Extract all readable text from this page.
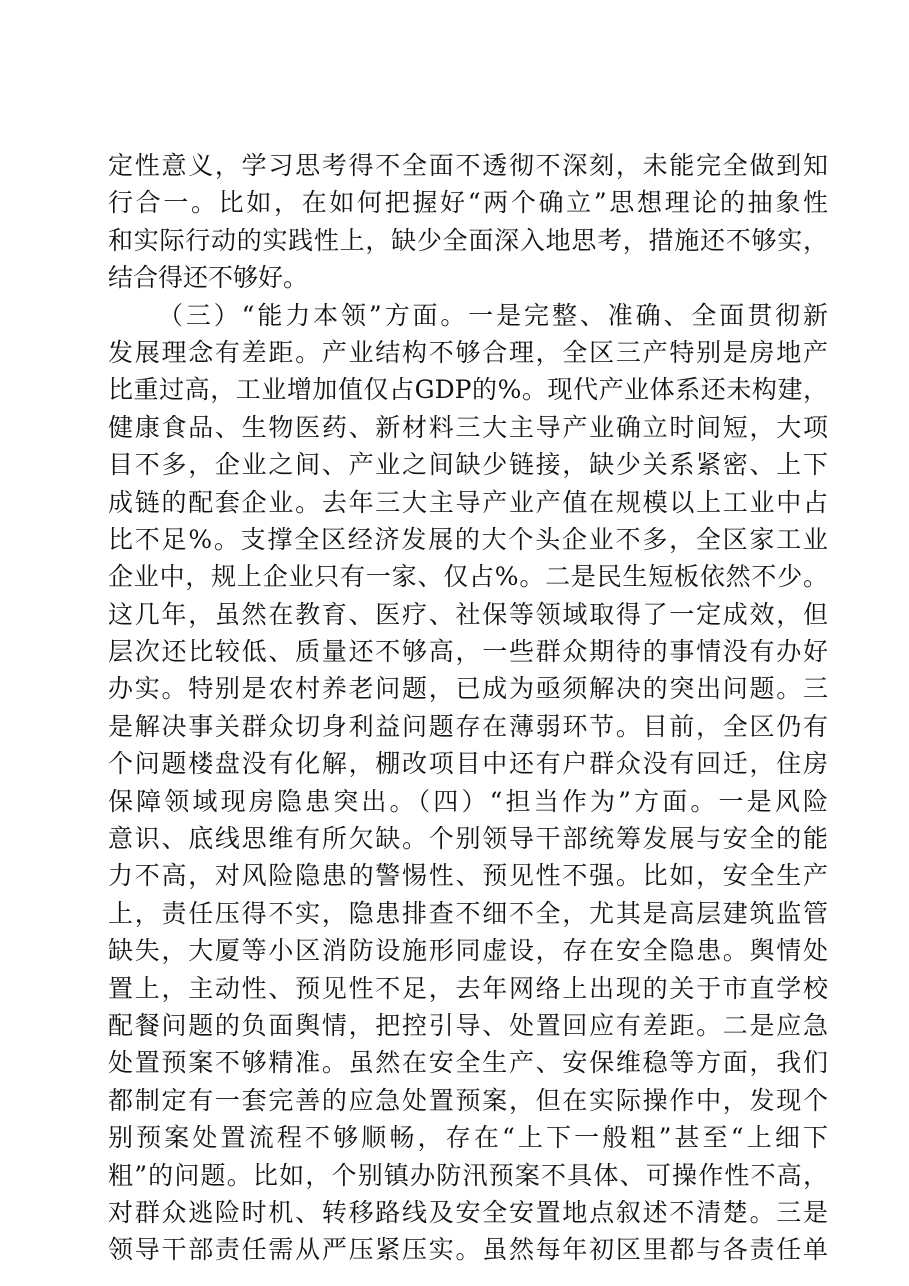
定性意义，学习思考得不全面不透彻不深刻，未能完全做到知
行合一。比如，在如何把握好“两个确立”思想理论的抽象性
和实际行动的实践性上，缺少全面深入地思考，措施还不够实，
结合得还不够好。
（三）“能力本领”方面。一是完整、准确、全面贯彻新
发展理念有差距。产业结构不够合理，全区三产特别是房地产
比重过高，工业增加值仅占GDP的%。现代产业体系还未构建，
健康食品、生物医药、新材料三大主导产业确立时间短，大项
目不多，企业之间、产业之间缺少链接，缺少关系紧密、上下
成链的配套企业。去年三大主导产业产值在规模以上工业中占
比不足%。支撑全区经济发展的大个头企业不多，全区家工业
企业中，规上企业只有一家、仅占%。二是民生短板依然不少。
这几年，虽然在教育、医疗、社保等领域取得了一定成效，但
层次还比较低、质量还不够高，一些群众期待的事情没有办好
办实。特别是农村养老问题，已成为亟须解决的突出问题。三
是解决事关群众切身利益问题存在薄弱环节。目前，全区仍有
个问题楼盘没有化解，棚改项目中还有户群众没有回迁，住房
保障领域现房隐患突出。（四）“担当作为”方面。一是风险
意识、底线思维有所欠缺。个别领导干部统筹发展与安全的能
力不高，对风险隐患的警惕性、预见性不强。比如，安全生产
上，责任压得不实，隐患排查不细不全，尤其是高层建筑监管
缺失，大厦等小区消防设施形同虚设，存在安全隐患。舆情处
置上，主动性、预见性不足，去年网络上出现的关于市直学校
配餐问题的负面舆情，把控引导、处置回应有差距。二是应急
处置预案不够精准。虽然在安全生产、安保维稳等方面，我们
都制定有一套完善的应急处置预案，但在实际操作中，发现个
别预案处置流程不够顺畅，存在“上下一般粗”甚至“上细下
粗”的问题。比如，个别镇办防汛预案不具体、可操作性不高，
对群众逃险时机、转移路线及安全安置地点叙述不清楚。三是
领导干部责任需从严压紧压实。虽然每年初区里都与各责任单
